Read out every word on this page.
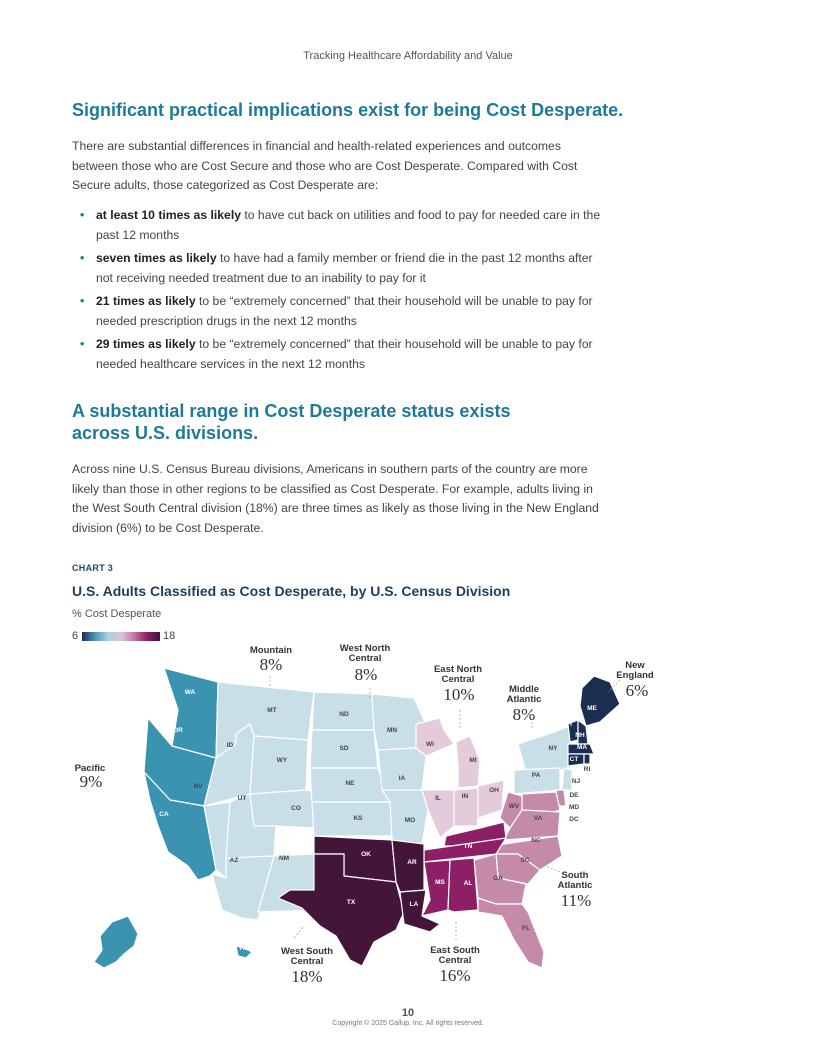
Tracking Healthcare Affordability and Value
Significant practical implications exist for being Cost Desperate.

There are substantial differences in financial and health-related experiences and outcomes between those who are Cost Secure and those who are Cost Desperate. Compared with Cost Secure adults, those categorized as Cost Desperate are:

• at least 10 times as likely to have cut back on utilities and food to pay for needed care in the past 12 months
• seven times as likely to have had a family member or friend die in the past 12 months after not receiving needed treatment due to an inability to pay for it
• 21 times as likely to be “extremely concerned” that their household will be unable to pay for needed prescription drugs in the next 12 months
• 29 times as likely to be “extremely concerned” that their household will be unable to pay for needed healthcare services in the next 12 months
A substantial range in Cost Desperate status exists across U.S. divisions.

Across nine U.S. Census Bureau divisions, Americans in southern parts of the country are more likely than those in other regions to be classified as Cost Desperate. For example, adults living in the West South Central division (18%) are three times as likely as those living in the New England division (6%) to be Cost Desperate.

CHART 3
U.S. Adults Classified as Cost Desperate, by U.S. Census Division
% Cost Desperate
6	18
WA
OR
CA
AK
HI
MT
ID
WY
NV
UT
CO
AZ	NM
ND
SD
NE
KS
MN
IA
MO
WI
MI
IL	IN
OH
NY
PA
NJ
ME
VT
NH
MA
CT
RI
DE
MD
DC
WV
VA
NC
SC
GA
FL
KY
TN
MS	AL
OK
TX
AR
LA
Pacific
9%
Mountain
8%
West North Central
8%	East North Central
10%	Middle Atlantic
8%
New England
6%
South Atlantic
11%
East South Central
16%
West South Central
18%
10
Copyright © 2025 Gallup, Inc. All rights reserved.
